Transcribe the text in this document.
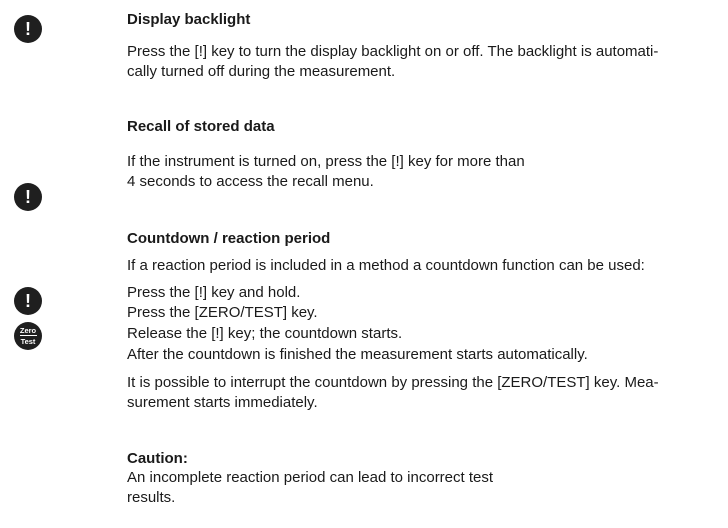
!
!
!
Zero
Test
Display backlight
Press the [!] key to turn the display backlight on or off. The backlight is automati-
cally turned off during the measurement.
Recall of stored data
If the instrument is turned on, press the [!] key for more than
4 seconds to access the recall menu.
Countdown / reaction period
If a reaction period is included in a method a countdown function can be used:
Press the [!] key and hold.
Press the [ZERO/TEST] key.
Release the [!] key; the countdown starts.
After the countdown is finished the measurement starts automatically.
It is possible to interrupt the countdown by pressing the [ZERO/TEST] key. Mea-
surement starts immediately.
Caution:
An incomplete reaction period can lead to incorrect test
results.
